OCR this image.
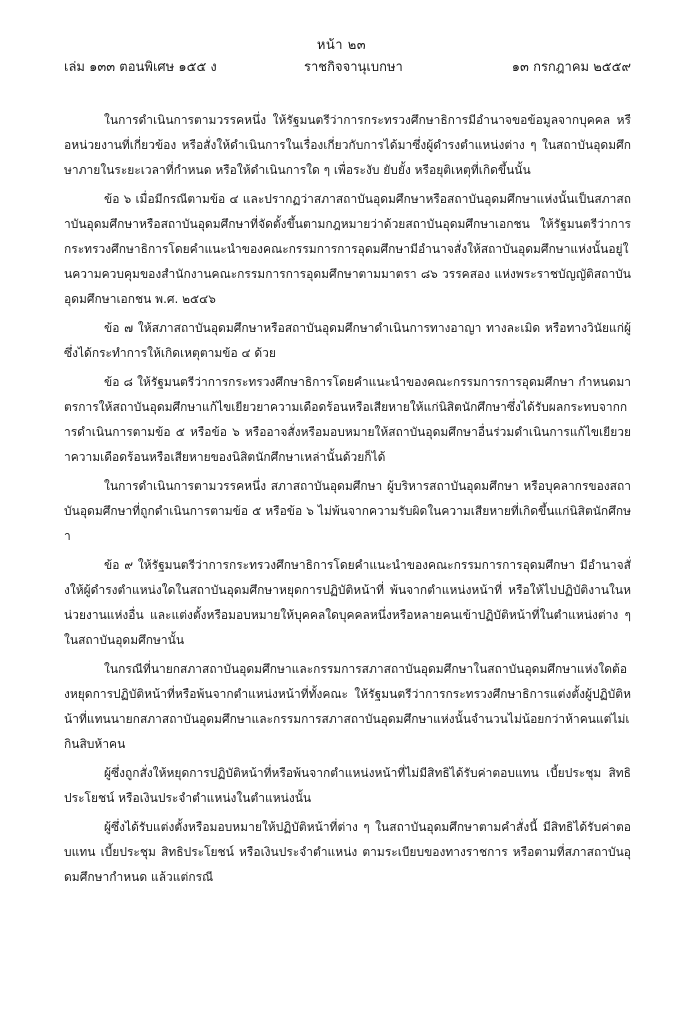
หน้า ๒๓
เล่ม ๑๓๓ ตอนพิเศษ ๑๕๕ ง	ราชกิจจานุเบกษา	๑๓ กรกฎาคม ๒๕๕๙

ในการดำเนินการตามวรรคหนึ่ง ให้รัฐมนตรีว่าการกระทรวงศึกษาธิการมีอำนาจขอข้อมูลจากบุคคล หรือหน่วยงานที่เกี่ยวข้อง หรือสั่งให้ดำเนินการในเรื่องเกี่ยวกับการได้มาซึ่งผู้ดำรงตำแหน่งต่าง ๆ ในสถาบันอุดมศึกษาภายในระยะเวลาที่กำหนด หรือให้ดำเนินการใด ๆ เพื่อระงับ ยับยั้ง หรือยุติเหตุที่เกิดขึ้นนั้น

ข้อ ๖ เมื่อมีกรณีตามข้อ ๔ และปรากฏว่าสภาสถาบันอุดมศึกษาหรือสถาบันอุดมศึกษาแห่งนั้นเป็นสภาสถาบันอุดมศึกษาหรือสถาบันอุดมศึกษาที่จัดตั้งขึ้นตามกฎหมายว่าด้วยสถาบันอุดมศึกษาเอกชน ให้รัฐมนตรีว่าการกระทรวงศึกษาธิการโดยคำแนะนำของคณะกรรมการการอุดมศึกษามีอำนาจสั่งให้สถาบันอุดมศึกษาแห่งนั้นอยู่ในความควบคุมของสำนักงานคณะกรรมการการอุดมศึกษาตามมาตรา ๘๖ วรรคสอง แห่งพระราชบัญญัติสถาบันอุดมศึกษาเอกชน พ.ศ. ๒๕๔๖

ข้อ ๗ ให้สภาสถาบันอุดมศึกษาหรือสถาบันอุดมศึกษาดำเนินการทางอาญา ทางละเมิด หรือทางวินัยแก่ผู้ซึ่งได้กระทำการให้เกิดเหตุตามข้อ ๔ ด้วย

ข้อ ๘ ให้รัฐมนตรีว่าการกระทรวงศึกษาธิการโดยคำแนะนำของคณะกรรมการการอุดมศึกษา กำหนดมาตรการให้สถาบันอุดมศึกษาแก้ไขเยียวยาความเดือดร้อนหรือเสียหายให้แก่นิสิตนักศึกษาซึ่งได้รับผลกระทบจากการดำเนินการตามข้อ ๕ หรือข้อ ๖ หรืออาจสั่งหรือมอบหมายให้สถาบันอุดมศึกษาอื่นร่วมดำเนินการแก้ไขเยียวยาความเดือดร้อนหรือเสียหายของนิสิตนักศึกษาเหล่านั้นด้วยก็ได้

ในการดำเนินการตามวรรคหนึ่ง สภาสถาบันอุดมศึกษา ผู้บริหารสถาบันอุดมศึกษา หรือบุคลากรของสถาบันอุดมศึกษาที่ถูกดำเนินการตามข้อ ๕ หรือข้อ ๖ ไม่พ้นจากความรับผิดในความเสียหายที่เกิดขึ้นแก่นิสิตนักศึกษา

ข้อ ๙ ให้รัฐมนตรีว่าการกระทรวงศึกษาธิการโดยคำแนะนำของคณะกรรมการการอุดมศึกษา มีอำนาจสั่งให้ผู้ดำรงตำแหน่งใดในสถาบันอุดมศึกษาหยุดการปฏิบัติหน้าที่ พ้นจากตำแหน่งหน้าที่ หรือให้ไปปฏิบัติงานในหน่วยงานแห่งอื่น และแต่งตั้งหรือมอบหมายให้บุคคลใดบุคคลหนึ่งหรือหลายคนเข้าปฏิบัติหน้าที่ในตำแหน่งต่าง ๆ ในสถาบันอุดมศึกษานั้น

ในกรณีที่นายกสภาสถาบันอุดมศึกษาและกรรมการสภาสถาบันอุดมศึกษาในสถาบันอุดมศึกษาแห่งใดต้องหยุดการปฏิบัติหน้าที่หรือพ้นจากตำแหน่งหน้าที่ทั้งคณะ ให้รัฐมนตรีว่าการกระทรวงศึกษาธิการแต่งตั้งผู้ปฏิบัติหน้าที่แทนนายกสภาสถาบันอุดมศึกษาและกรรมการสภาสถาบันอุดมศึกษาแห่งนั้นจำนวนไม่น้อยกว่าห้าคนแต่ไม่เกินสิบห้าคน

ผู้ซึ่งถูกสั่งให้หยุดการปฏิบัติหน้าที่หรือพ้นจากตำแหน่งหน้าที่ไม่มีสิทธิได้รับค่าตอบแทน เบี้ยประชุม สิทธิประโยชน์ หรือเงินประจำตำแหน่งในตำแหน่งนั้น

ผู้ซึ่งได้รับแต่งตั้งหรือมอบหมายให้ปฏิบัติหน้าที่ต่าง ๆ ในสถาบันอุดมศึกษาตามคำสั่งนี้ มีสิทธิได้รับค่าตอบแทน เบี้ยประชุม สิทธิประโยชน์ หรือเงินประจำตำแหน่ง ตามระเบียบของทางราชการ หรือตามที่สภาสถาบันอุดมศึกษากำหนด แล้วแต่กรณี
